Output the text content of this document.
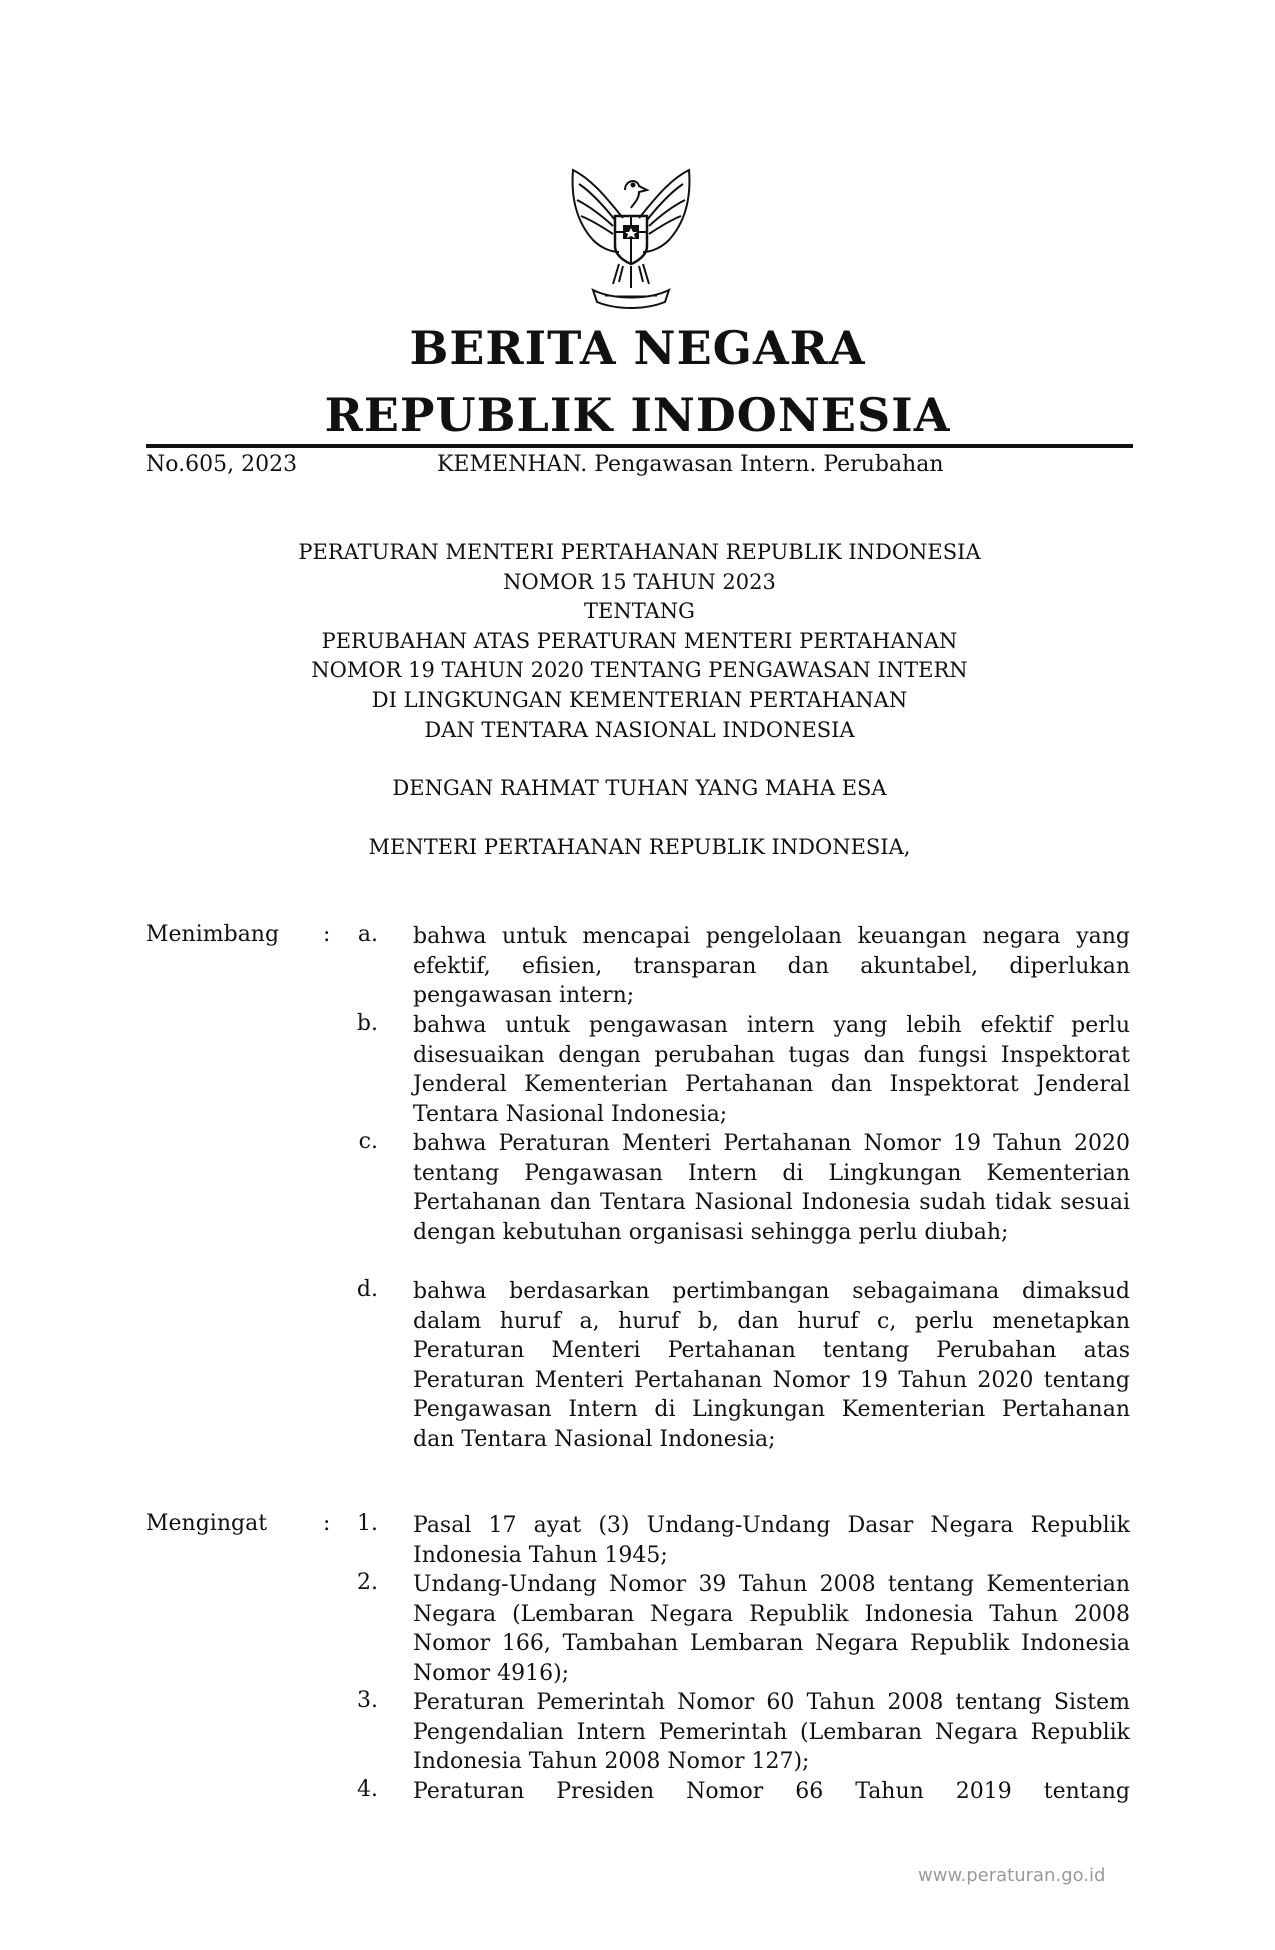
BERITA NEGARA
REPUBLIK INDONESIA
No.605, 2023	KEMENHAN. Pengawasan Intern. Perubahan
PERATURAN MENTERI PERTAHANAN REPUBLIK INDONESIA
NOMOR 15 TAHUN 2023
TENTANG
PERUBAHAN ATAS PERATURAN MENTERI PERTAHANAN
NOMOR 19 TAHUN 2020 TENTANG PENGAWASAN INTERN
DI LINGKUNGAN KEMENTERIAN PERTAHANAN
DAN TENTARA NASIONAL INDONESIA
DENGAN RAHMAT TUHAN YANG MAHA ESA
MENTERI PERTAHANAN REPUBLIK INDONESIA,
Menimbang :	a. bahwa untuk mencapai pengelolaan keuangan negara yang efektif, efisien, transparan dan akuntabel, diperlukan pengawasan intern;
b. bahwa untuk pengawasan intern yang lebih efektif perlu disesuaikan dengan perubahan tugas dan fungsi Inspektorat Jenderal Kementerian Pertahanan dan Inspektorat Jenderal Tentara Nasional Indonesia;
c. bahwa Peraturan Menteri Pertahanan Nomor 19 Tahun 2020 tentang Pengawasan Intern di Lingkungan Kementerian Pertahanan dan Tentara Nasional Indonesia sudah tidak sesuai dengan kebutuhan organisasi sehingga perlu diubah;
d. bahwa berdasarkan pertimbangan sebagaimana dimaksud dalam huruf a, huruf b, dan huruf c, perlu menetapkan Peraturan Menteri Pertahanan tentang Perubahan atas Peraturan Menteri Pertahanan Nomor 19 Tahun 2020 tentang Pengawasan Intern di Lingkungan Kementerian Pertahanan dan Tentara Nasional Indonesia;
Mengingat	:	1. Pasal 17 ayat (3) Undang-Undang Dasar Negara Republik Indonesia Tahun 1945;
2. Undang-Undang Nomor 39 Tahun 2008 tentang Kementerian Negara (Lembaran Negara Republik Indonesia Tahun 2008 Nomor 166, Tambahan Lembaran Negara Republik Indonesia Nomor 4916);
3. Peraturan Pemerintah Nomor 60 Tahun 2008 tentang Sistem Pengendalian Intern Pemerintah (Lembaran Negara Republik Indonesia Tahun 2008 Nomor 127);
4. Peraturan Presiden Nomor 66 Tahun 2019 tentang
www.peraturan.go.id
